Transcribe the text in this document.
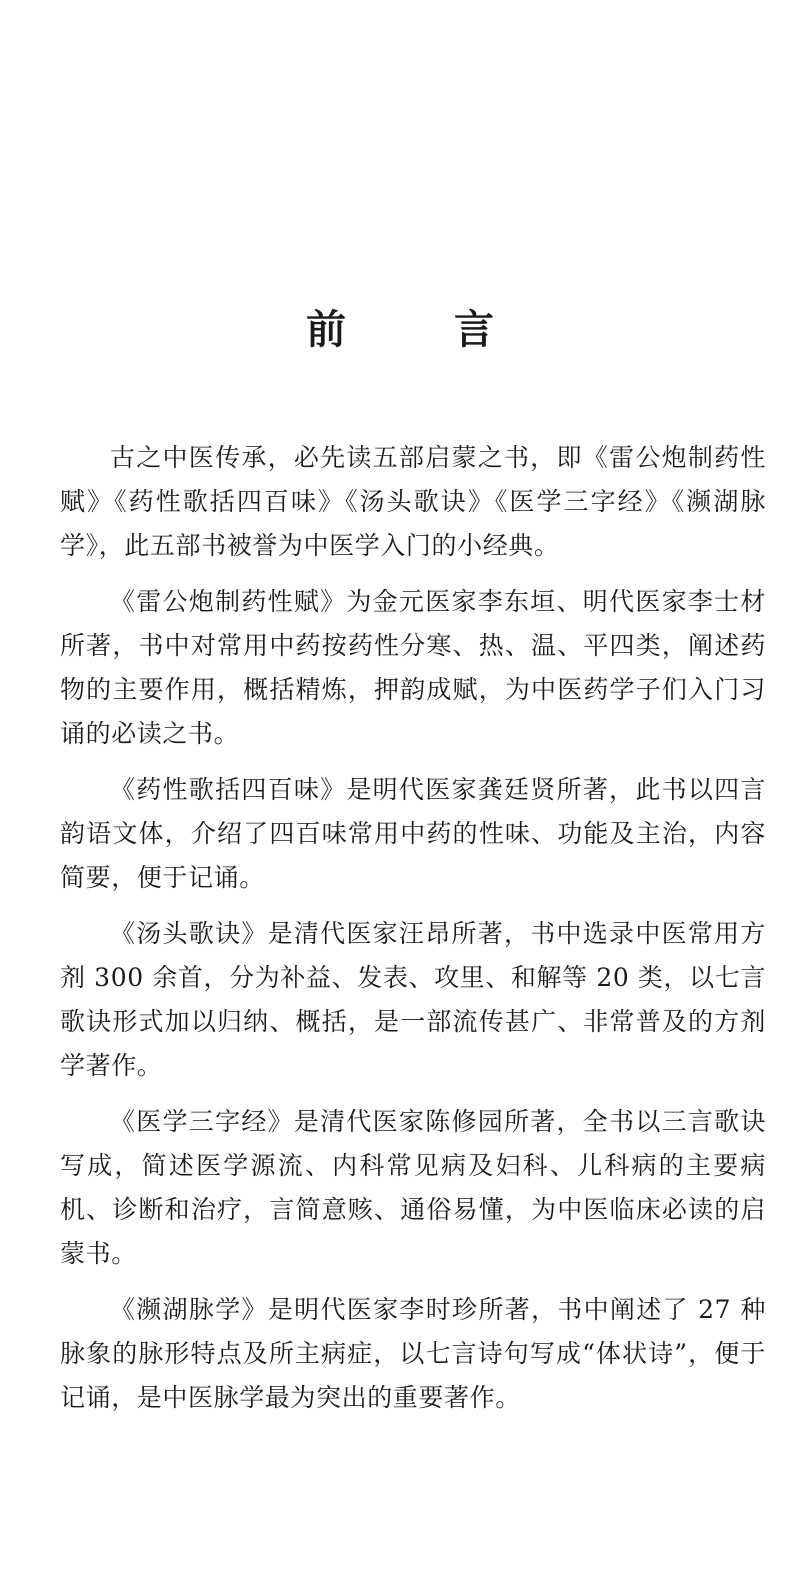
前　言

古之中医传承，必先读五部启蒙之书，即《雷公炮制药性赋》《药性歌括四百味》《汤头歌诀》《医学三字经》《濒湖脉学》，此五部书被誉为中医学入门的小经典。

《雷公炮制药性赋》为金元医家李东垣、明代医家李士材所著，书中对常用中药按药性分寒、热、温、平四类，阐述药物的主要作用，概括精炼，押韵成赋，为中医药学子们入门习诵的必读之书。

《药性歌括四百味》是明代医家龚廷贤所著，此书以四言韵语文体，介绍了四百味常用中药的性味、功能及主治，内容简要，便于记诵。

《汤头歌诀》是清代医家汪昂所著，书中选录中医常用方剂 300 余首，分为补益、发表、攻里、和解等 20 类，以七言歌诀形式加以归纳、概括，是一部流传甚广、非常普及的方剂学著作。

《医学三字经》是清代医家陈修园所著，全书以三言歌诀写成，简述医学源流、内科常见病及妇科、儿科病的主要病机、诊断和治疗，言简意赅、通俗易懂，为中医临床必读的启蒙书。

《濒湖脉学》是明代医家李时珍所著，书中阐述了 27 种脉象的脉形特点及所主病症，以七言诗句写成“体状诗”，便于记诵，是中医脉学最为突出的重要著作。
